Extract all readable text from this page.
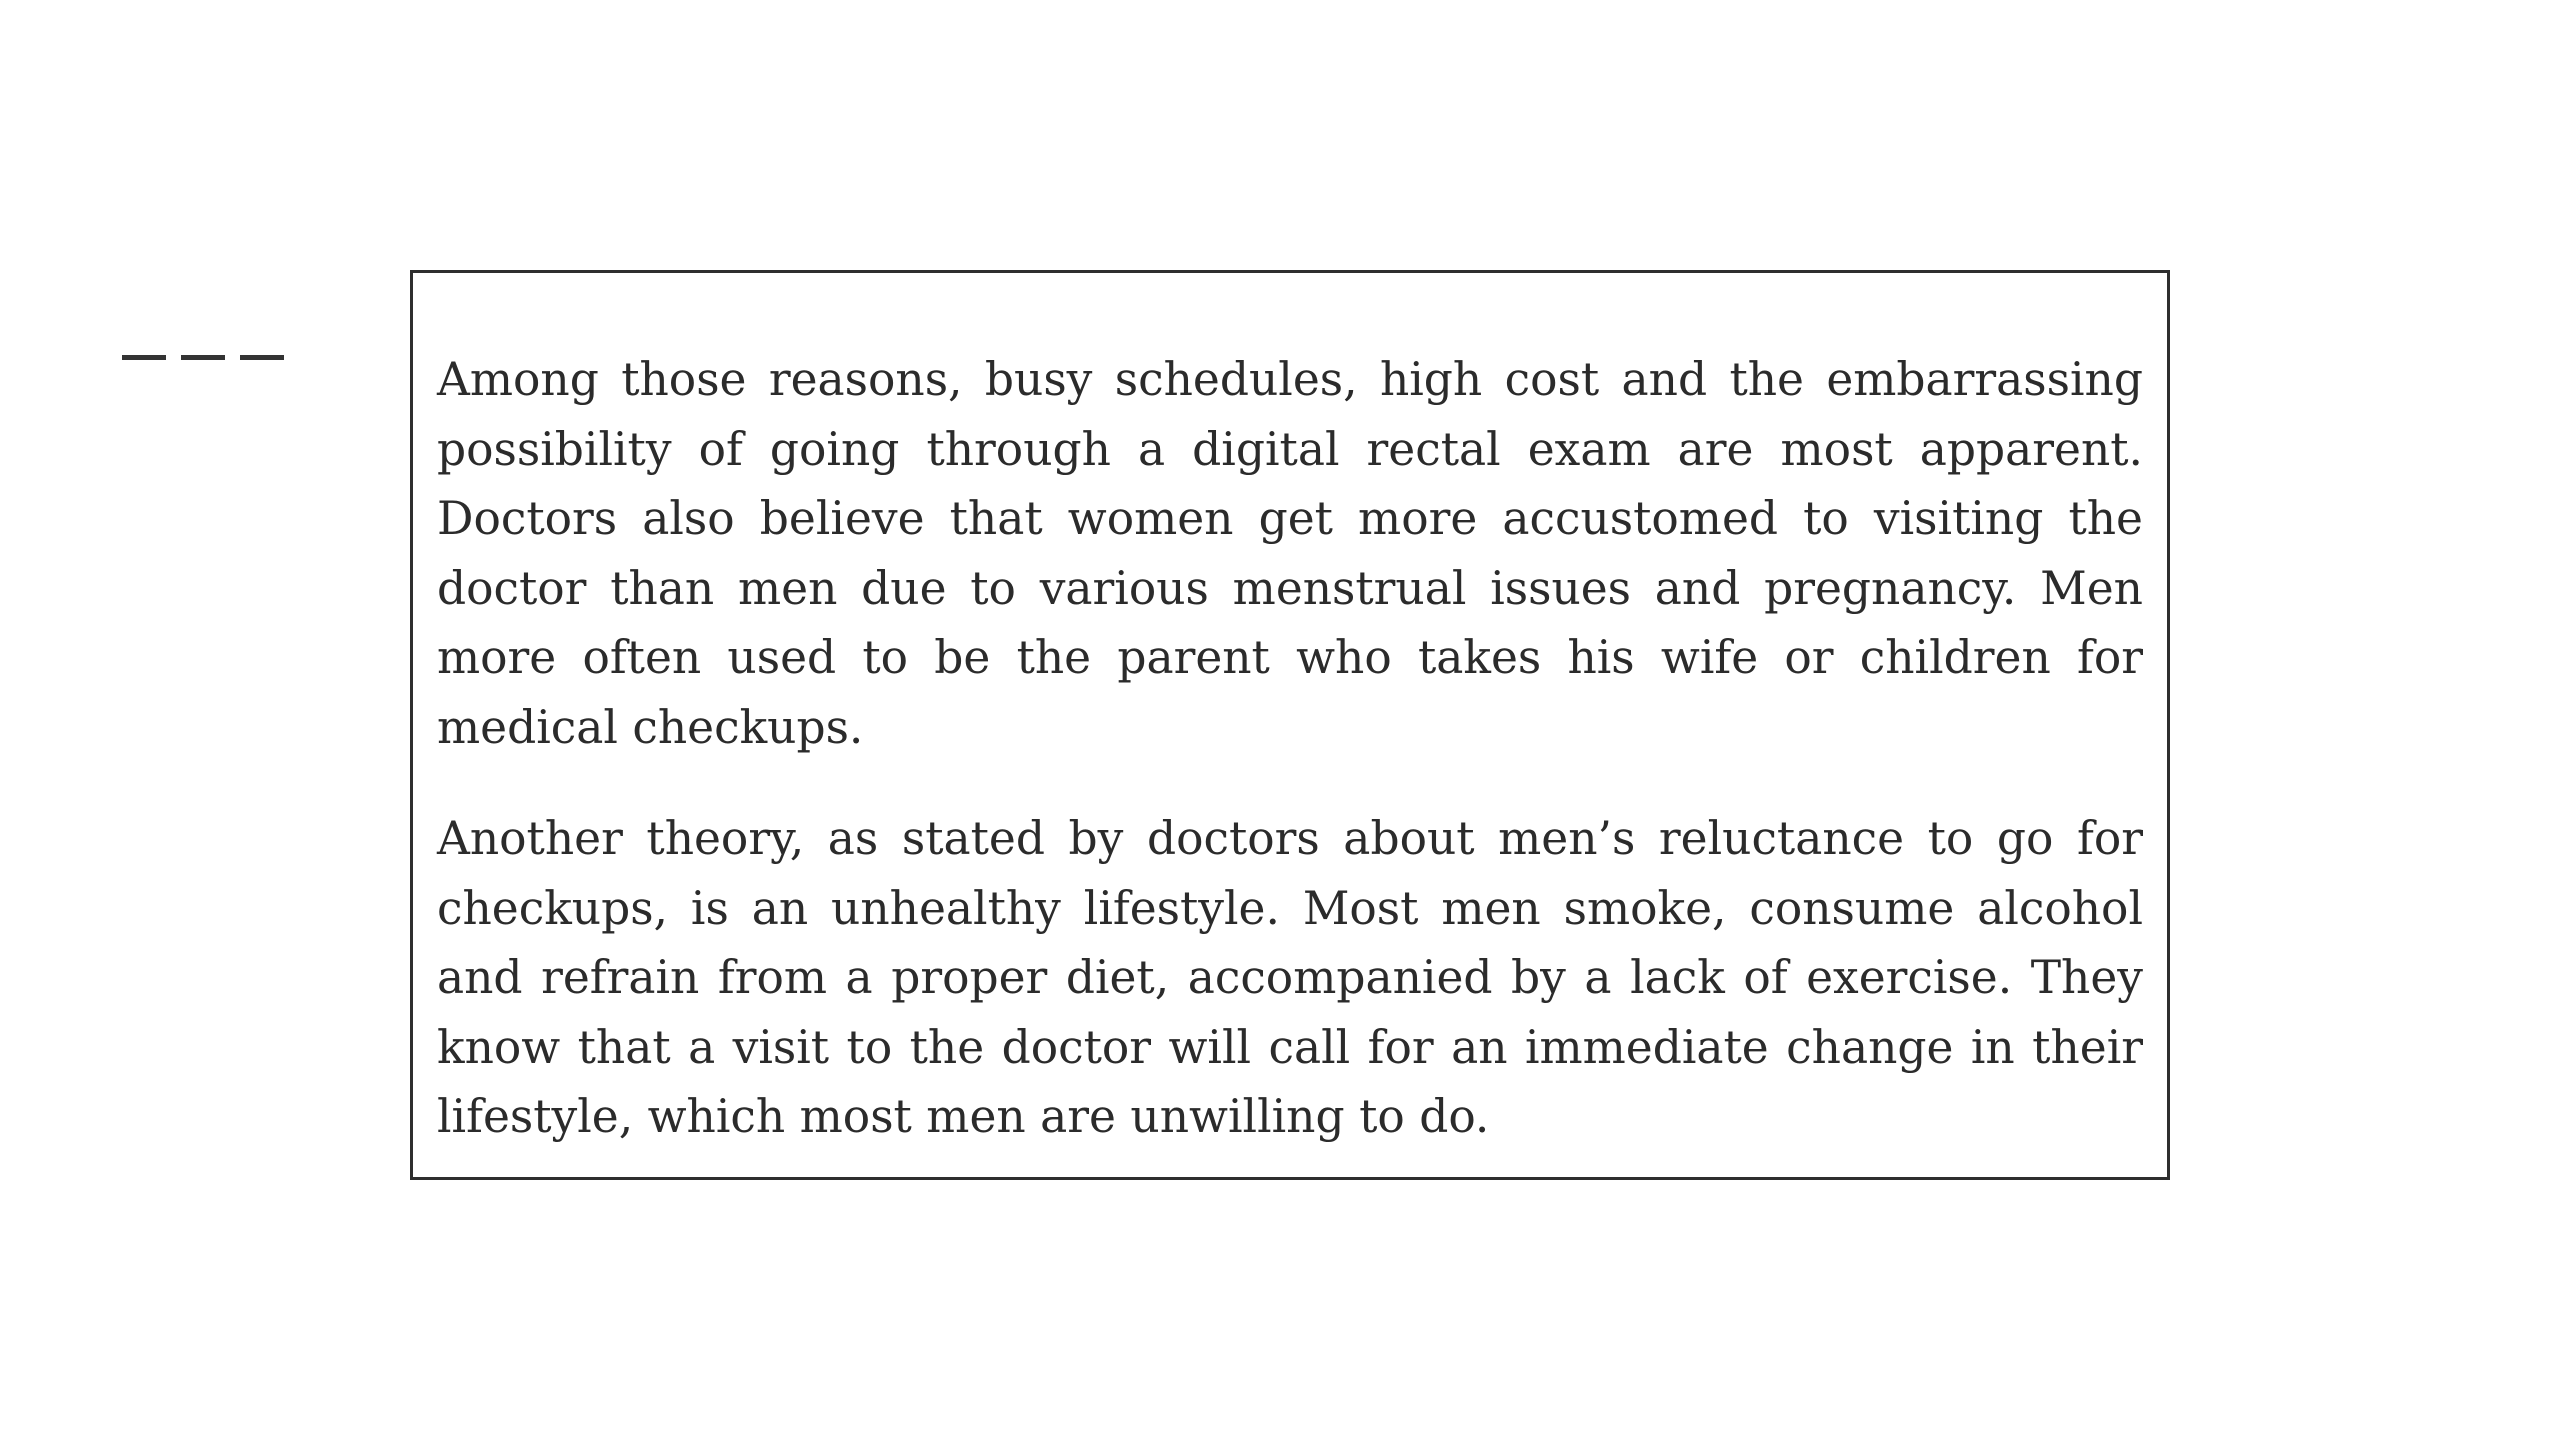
Among those reasons, busy schedules, high cost and the embarrassing possibility of going through a digital rectal exam are most apparent. Doctors also believe that women get more accustomed to visiting the doctor than men due to various menstrual issues and pregnancy. Men more often used to be the parent who takes his wife or children for medical checkups.

Another theory, as stated by doctors about men’s reluctance to go for checkups, is an unhealthy lifestyle. Most men smoke, consume alcohol and refrain from a proper diet, accompanied by a lack of exercise. They know that a visit to the doctor will call for an immediate change in their lifestyle, which most men are unwilling to do.
